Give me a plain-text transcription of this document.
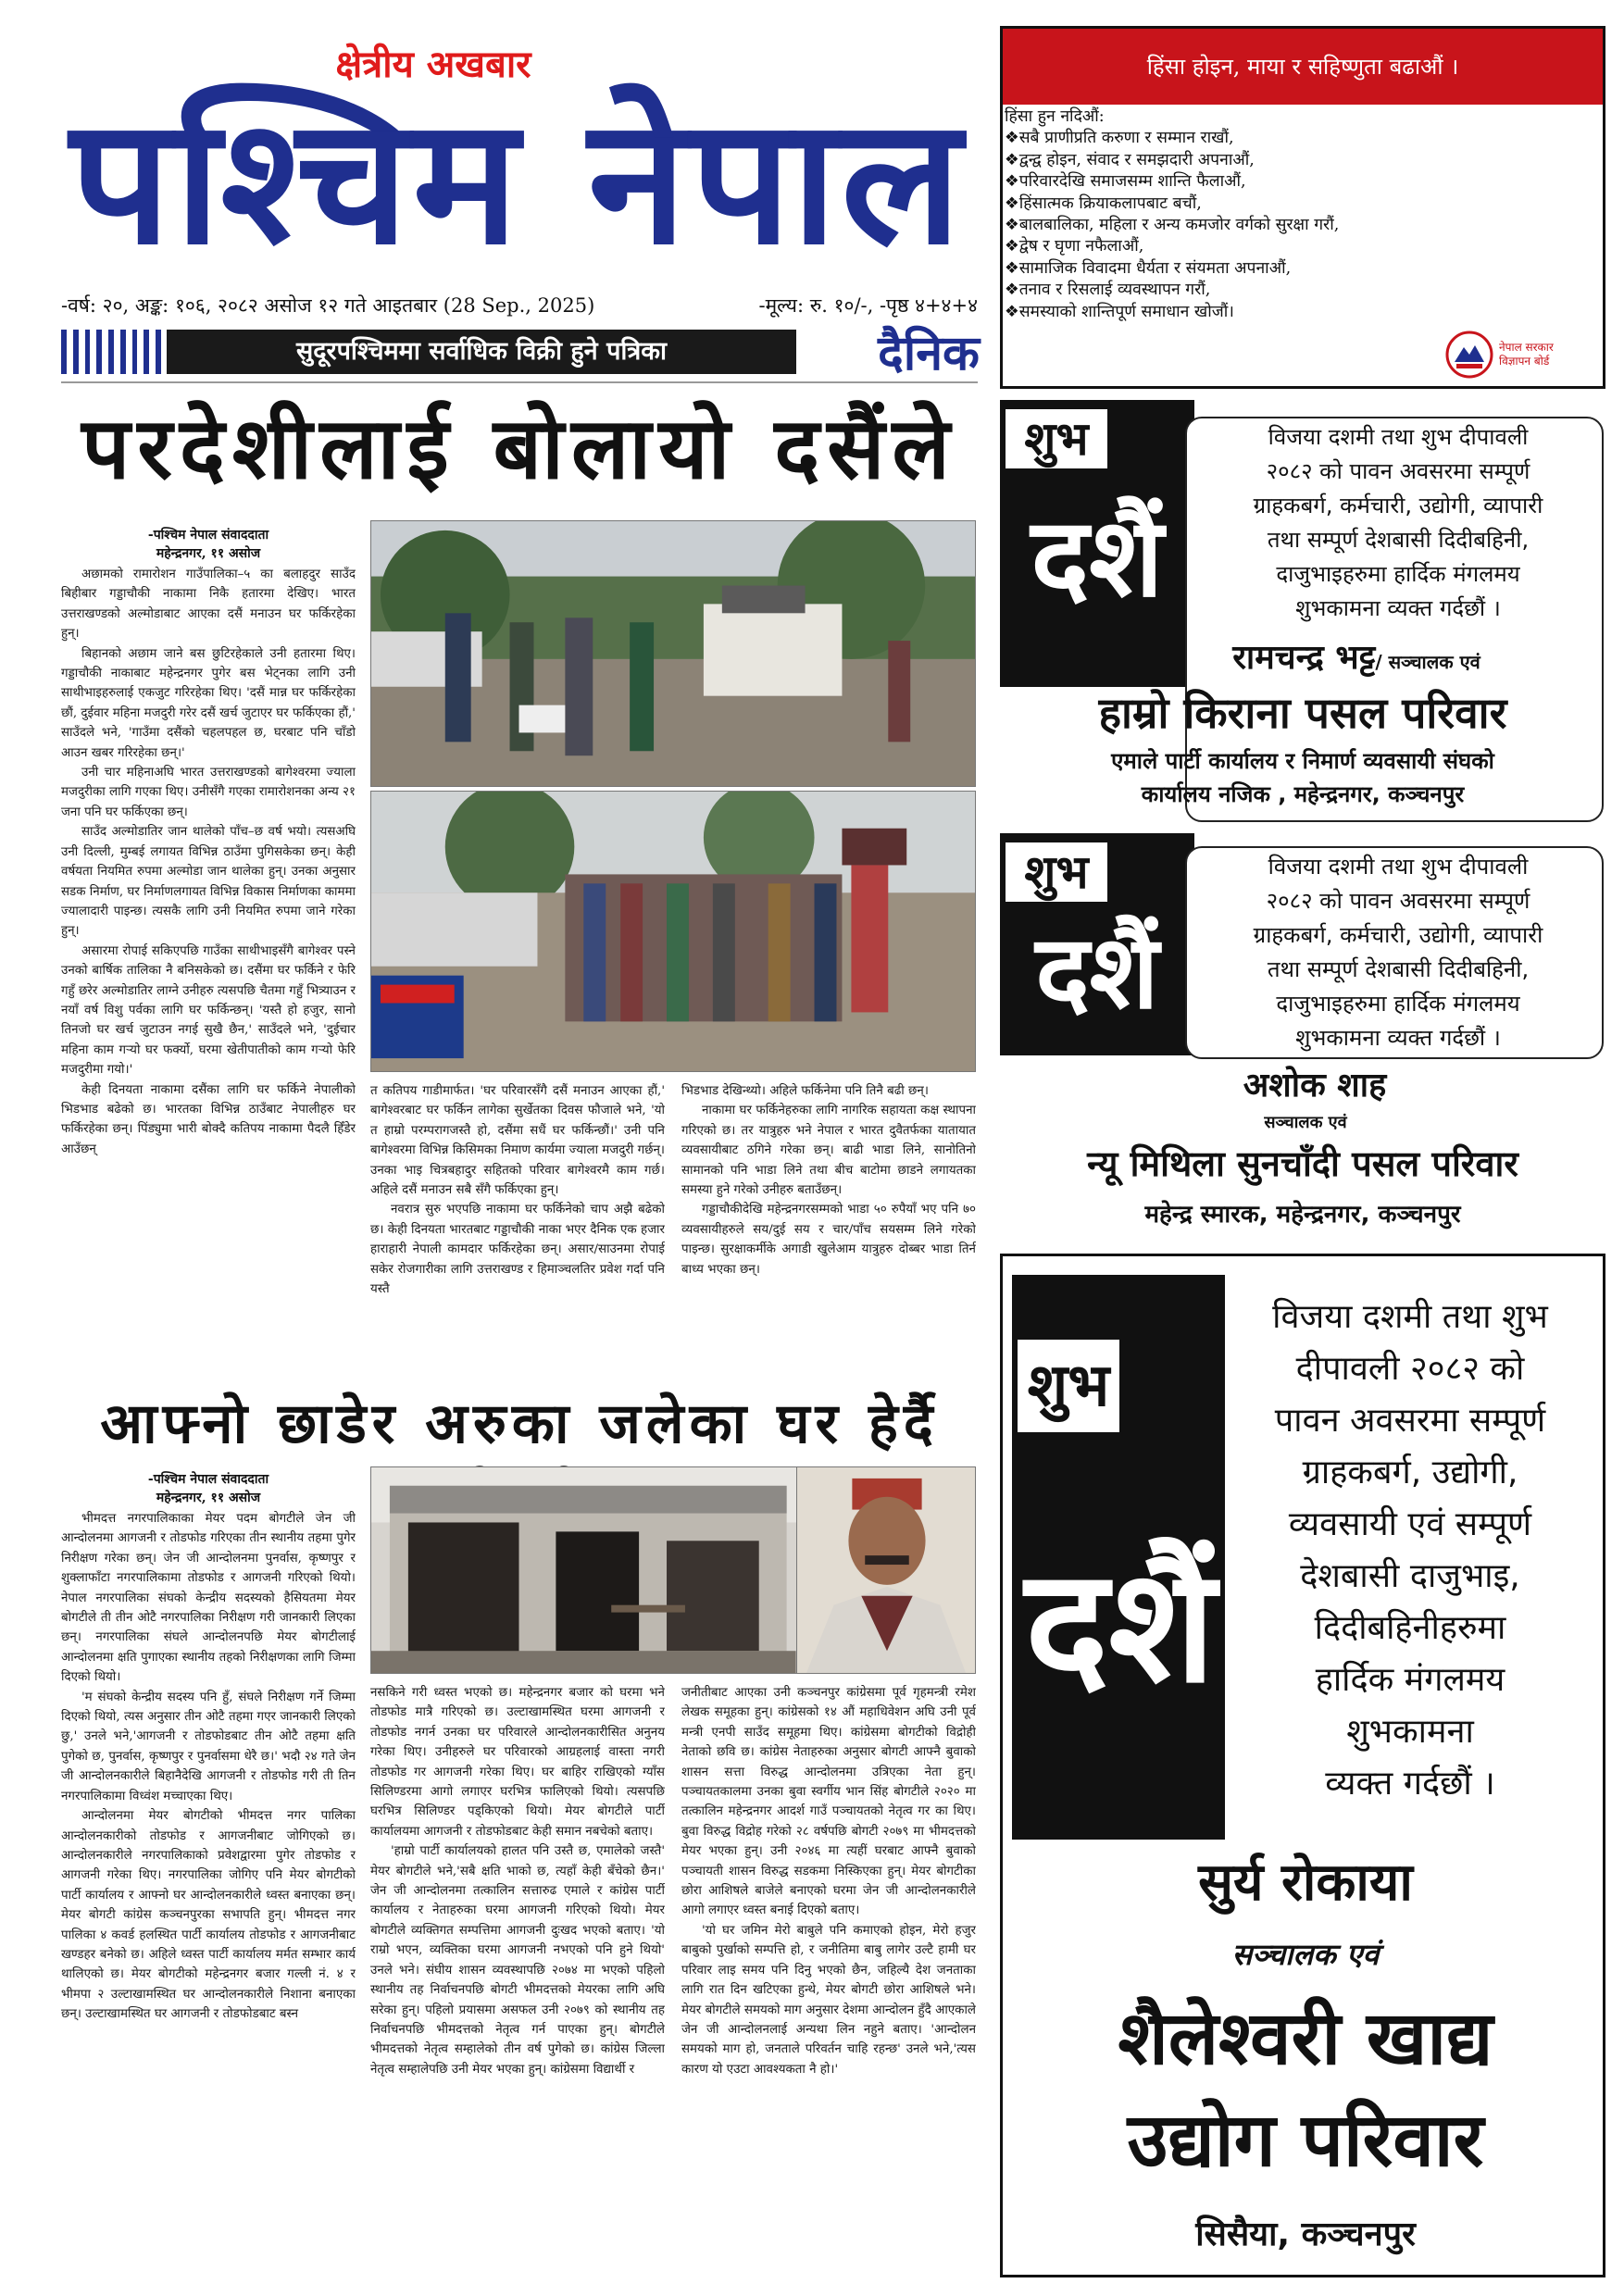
क्षेत्रीय अखबार
पश्चिम नेपाल
-वर्ष: २०, अङ्क: १०६, २०८२ असोज १२ गते आइतबार (28 Sep., 2025)	-मूल्य: रु. १०/-, -पृष्ठ ४+४+४
सुदूरपश्चिममा सर्वाधिक विक्री हुने पत्रिका	दैनिक
परदेशीलाई बोलायो दसैंले
-पश्चिम नेपाल संवाददाता
महेन्द्रनगर, ११ असोज

अछामको रामारोशन गाउँपालिका–५ का बलाहदुर साउँद बिहीबार गड्डाचौकी नाकामा निकै हतारमा देखिए। भारत उत्तराखण्डको अल्मोडाबाट आएका दसैं मनाउन घर फर्किरहेका हुन्।

बिहानको अछाम जाने बस छुटिरहेकाले उनी हतारमा थिए। गड्डाचौकी नाकाबाट महेन्द्रनगर पुगेर बस भेट्नका लागि उनी साथीभाइहरुलाई एकजुट गरिरहेका थिए। 'दसैं मान्न घर फर्किरहेका छौं, दुईवार महिना मजदुरी गरेर दसैं खर्च जुटाएर घर फर्किएका हौं,' साउँदले भने, 'गाउँमा दसैंको चहलपहल छ, घरबाट पनि चाँडो आउन खबर गरिरहेका छन्।'

उनी चार महिनाअघि भारत उत्तराखण्डको बागेश्वरमा ज्याला मजदुरीका लागि गएका थिए। उनीसँगै गएका रामारोशनका अन्य २१ जना पनि घर फर्किएका छन्।

साउँद अल्मोडातिर जान थालेको पाँच–छ वर्ष भयो। त्यसअघि उनी दिल्ली, मुम्बई लगायत विभिन्न ठाउँमा पुगिसकेका छन्। केही वर्षयता नियमित रुपमा अल्मोडा जान थालेका हुन्। उनका अनुसार सडक निर्माण, घर निर्माणलगायत विभिन्न विकास निर्माणका काममा ज्यालादारी पाइन्छ। त्यसकै लागि उनी नियमित रुपमा जाने गरेका हुन्।

असारमा रोपाई सकिएपछि गाउँका साथीभाइसँगै बागेश्वर पस्ने उनको बार्षिक तालिका नै बनिसकेको छ। दसैंमा घर फर्किने र फेरि गहुँ छरेर अल्मोडातिर लाग्ने उनीहरु त्यसपछि चैतमा गहुँ भित्र्याउन र नयाँ वर्ष विशु पर्वका लागि घर फर्किन्छन्। 'यस्तै हो हजुर, सानो तिनजो घर खर्च जुटाउन नगई सुखै छैन,' साउँदले भने, 'दुईचार महिना काम गऱ्यो घर फर्क्यो, घरमा खेतीपातीको काम गऱ्यो फेरि मजदुरीमा गयो।'

केही दिनयता नाकामा दसैंका लागि घर फर्किने नेपालीको भिडभाड बढेको छ। भारतका विभिन्न ठाउँबाट नेपालीहरु घर फर्किरहेका छन्। पिंड्युमा भारी बोक्दै कतिपय नाकामा पैदलै हिँडेर आउँछन्

त कतिपय गाडीमार्फत। 'घर परिवारसँगै दसैं मनाउन आएका हौं,' बागेश्वरबाट घर फर्किन लागेका सुर्खेतका दिवस फौजाले भने, 'यो त हाम्रो परम्परागजस्तै हो, दसैंमा सधैं घर फर्किन्छौं।' उनी पनि बागेश्वरमा विभिन्न किसिमका निमाण कार्यमा ज्याला मजदुरी गर्छन्। उनका भाइ चित्रबहादुर सहितको परिवार बागेश्वरमै काम गर्छ। अहिले दसैं मनाउन सबै सँगै फर्किएका हुन्।

नवरात्र सुरु भएपछि नाकामा घर फर्किनेको चाप अझै बढेको छ। केही दिनयता भारतबाट गड्डाचौकी नाका भएर दैनिक एक हजार हाराहारी नेपाली कामदार फर्किरहेका छन्। असार/साउनमा रोपाई सकेर रोजगारीका लागि उत्तराखण्ड र हिमाञ्चलतिर प्रवेश गर्दा पनि यस्तै

भिडभाड देखिन्थ्यो। अहिले फर्किनेमा पनि तिनै बढी छन्।

नाकामा घर फर्किनेहरुका लागि नागरिक सहायता कक्ष स्थापना गरिएको छ। तर यात्रुहरु भने नेपाल र भारत दुवैतर्फका यातायात व्यवसायीबाट ठगिने गरेका छन्। बाढी भाडा लिने, सानोतिनो सामानको पनि भाडा लिने तथा बीच बाटोमा छाडने लगायतका समस्या हुने गरेको उनीहरु बताउँछन्।

गड्डाचौकीदेखि महेन्द्रनगरसम्मको भाडा ५० रुपैयाँ भए पनि ७० व्यवसायीहरुले सय/दुई सय र चार/पाँच सयसम्म लिने गरेको पाइन्छ। सुरक्षाकर्मीके अगाडी खुलेआम यात्रुहरु दोब्बर भाडा तिर्न बाध्य भएका छन्।

आफ्नो छाडेर अरुका जलेका घर हेर्दै
-पश्चिम नेपाल संवाददाता
महेन्द्रनगर, ११ असोज

भीमदत्त नगरपालिकाका मेयर पदम बोगटीले जेन जी आन्दोलनमा आगजनी र तोडफोड गरिएका तीन स्थानीय तहमा पुगेर निरीक्षण गरेका छन्। जेन जी आन्दोलनमा पुनर्वास, कृष्णपुर र शुक्लाफाँटा नगरपालिकामा तोडफोड र आगजनी गरिएको थियो। नेपाल नगरपालिका संघको केन्द्रीय सदस्यको हैसियतमा मेयर बोगटीले ती तीन ओटै नगरपालिका निरीक्षण गरी जानकारी लिएका छन्। नगरपालिका संघले आन्दोलनपछि मेयर बोगटीलाई आन्दोलनमा क्षति पुगाएका स्थानीय तहको निरीक्षणका लागि जिम्मा दिएको थियो।

'म संघको केन्द्रीय सदस्य पनि हुँ, संघले निरीक्षण गर्ने जिम्मा दिएको थियो, त्यस अनुसार तीन ओटै तहमा गएर जानकारी लिएको छु,' उनले भने,'आगजनी र तोडफोडबाट तीन ओटै तहमा क्षति पुगेको छ, पुनर्वास, कृष्णपुर र पुनर्वासमा धेरै छ।' भदौ २४ गते जेन जी आन्दोलनकारीले बिहानैदेखि आगजनी र तोडफोड गरी ती तिन नगरपालिकामा विध्वंश मच्चाएका थिए।

आन्दोलनमा मेयर बोगटीको भीमदत्त नगर पालिका आन्दोलनकारीको तोडफोड र आगजनीबाट जोगिएको छ। आन्दोलनकारीले नगरपालिकाको प्रवेशद्वारमा पुगेर तोडफोड र आगजनी गरेका थिए। नगरपालिका जोगिए पनि मेयर बोगटीको पार्टी कार्यालय र आफ्नो घर आन्दोलनकारीले ध्वस्त बनाएका छन्। मेयर बोगटी कांग्रेस कञ्चनपुरका सभापति हुन्। भीमदत्त नगर पालिका ४ कवर्ड हलस्थित पार्टी कार्यालय तोडफोड र आगजनीबाट खण्डहर बनेको छ। अहिले ध्वस्त पार्टी कार्यालय मर्मत सम्भार कार्य थालिएको छ। मेयर बोगटीको महेन्द्रनगर बजार गल्ली नं. ४ र भीमपा २ उल्टाखामस्थित घर आन्दोलनकारीले निशाना बनाएका छन्। उल्टाखामस्थित घर आगजनी र तोडफोडबाट बस्न

नसकिने गरी ध्वस्त भएको छ। महेन्द्रनगर बजार को घरमा भने तोडफोड मात्रै गरिएको छ। उल्टाखामस्थित घरमा आगजनी र तोडफोड नगर्न उनका घर परिवारले आन्दोलनकारीसित अनुनय गरेका थिए। उनीहरुले घर परिवारको आग्रहलाई वास्ता नगरी तोडफोड गर आगजनी गरेका थिए। घर बाहिर राखिएको ग्याँस सिलिण्डरमा आगो लगाएर घरभित्र फालिएको थियो। त्यसपछि घरभित्र सिलिण्डर पड्किएको थियो। मेयर बोगटीले पार्टी कार्यालयमा आगजनी र तोडफोडबाट केही समान नबचेको बताए।

'हाम्रो पार्टी कार्यालयको हालत पनि उस्तै छ, एमालेको जस्तै' मेयर बोगटीले भने,'सबै क्षति भाको छ, त्यहाँ केही बँचेको छैन।' जेन जी आन्दोलनमा तत्कालिन सत्तारुढ एमाले र कांग्रेस पार्टी कार्यालय र नेताहरुका घरमा आगजनी गरिएको थियो। मेयर बोगटीले व्यक्तिगत सम्पत्तिमा आगजनी दुःखद भएको बताए। 'यो राम्रो भएन, व्यक्तिका घरमा आगजनी नभएको पनि हुने थियो' उनले भने। संघीय शासन व्यवस्थापछि २०७४ मा भएको पहिलो स्थानीय तह निर्वाचनपछि बोगटी भीमदत्तको मेयरका लागि अघि सरेका हुन्। पहिलो प्रयासमा असफल उनी २०७९ को स्थानीय तह निर्वाचनपछि भीमदत्तको नेतृत्व गर्न पाएका हुन्। बोगटीले भीमदत्तको नेतृत्व सम्हालेको तीन वर्ष पुगेको छ। कांग्रेस जिल्ला नेतृत्व सम्हालेपछि उनी मेयर भएका हुन्। कांग्रेसमा विद्यार्थी र

जनीतीबाट आएका उनी कञ्चनपुर कांग्रेसमा पूर्व गृहमन्त्री रमेश लेखक समूहका हुन्। कांग्रेसको १४ औं महाधिवेशन अघि उनी पूर्व मन्त्री एनपी साउँद समूहमा थिए। कांग्रेसमा बोगटीको विद्रोही नेताको छवि छ। कांग्रेस नेताहरुका अनुसार बोगटी आफ्नै बुवाको शासन सत्ता विरुद्ध आन्दोलनमा उत्रिएका नेता हुन्। पञ्चायतकालमा उनका बुवा स्वर्गीय भान सिंह बोगटीले २०२० मा तत्कालिन महेन्द्रनगर आदर्श गाउँ पञ्चायतको नेतृत्व गर का थिए। बुवा विरुद्ध विद्रोह गरेको २८ वर्षपछि बोगटी २०७९ मा भीमदत्तको मेयर भएका हुन्। उनी २०४६ मा त्यहीं घरबाट आफ्नै बुवाको पञ्चायती शासन विरुद्ध सडकमा निस्किएका हुन्। मेयर बोगटीका छोरा आशिषले बाजेले बनाएको घरमा जेन जी आन्दोलनकारीले आगो लगाएर ध्वस्त बनाई दिएको बताए।

'यो घर जमिन मेरो बाबुले पनि कमाएको होइन, मेरो हजुर बाबुको पुर्खाको सम्पत्ति हो, र जनीतिमा बाबु लागेर उल्टै हामी घर परिवार लाइ समय पनि दिनु भएको छैन, जहिल्यै देश जनताका लागि रात दिन खटिएका हुन्थे, मेयर बोगटी छोरा आशिषले भने। मेयर बोगटीले समयको माग अनुसार देशमा आन्दोलन हुँदै आएकाले जेन जी आन्दोलनलाई अन्यथा लिन नहुने बताए। 'आन्दोलन समयको माग हो, जनताले परिवर्तन चाहि रहन्छ' उनले भने,'त्यस कारण यो एउटा आवश्यकता नै हो।'

हिंसा होइन, माया र सहिष्णुता बढाऔं ।
हिंसा हुन नदिऔं:
❖सबै प्राणीप्रति करुणा र सम्मान राखौं,
❖द्वन्द्व होइन, संवाद र समझदारी अपनाऔं,
❖परिवारदेखि समाजसम्म शान्ति फैलाऔं,
❖हिंसात्मक क्रियाकलापबाट बचौं,
❖बालबालिका, महिला र अन्य कमजोर वर्गको सुरक्षा गरौं,
❖द्वेष र घृणा नफैलाऔं,
❖सामाजिक विवादमा धैर्यता र संयमता अपनाऔं,
❖तनाव र रिसलाई व्यवस्थापन गरौं,
❖समस्याको शान्तिपूर्ण समाधान खोजौं।
नेपाल सरकार
विज्ञापन बोर्ड
शुभ
दशैं
विजया दशमी तथा शुभ दीपावली
२०८२ को पावन अवसरमा सम्पूर्ण
ग्राहकबर्ग, कर्मचारी, उद्योगी, व्यापारी
तथा सम्पूर्ण देशबासी दिदीबहिनी,
दाजुभाइहरुमा हार्दिक मंगलमय
शुभकामना व्यक्त गर्दछौं ।
रामचन्द्र भट्ट/ सञ्चालक एवं
हाम्रो किराना पसल परिवार
एमाले पार्टी कार्यालय र निमार्ण व्यवसायी संघको
कार्यालय नजिक , महेन्द्रनगर, कञ्चनपुर
शुभ
दशैं
विजया दशमी तथा शुभ दीपावली
२०८२ को पावन अवसरमा सम्पूर्ण
ग्राहकबर्ग, कर्मचारी, उद्योगी, व्यापारी
तथा सम्पूर्ण देशबासी दिदीबहिनी,
दाजुभाइहरुमा हार्दिक मंगलमय
शुभकामना व्यक्त गर्दछौं ।
अशोक शाह
सञ्चालक एवं
न्यू मिथिला सुनचाँदी पसल परिवार
महेन्द्र स्मारक, महेन्द्रनगर, कञ्चनपुर
शुभ
दशैं
विजया दशमी तथा शुभ
दीपावली २०८२ को
पावन अवसरमा सम्पूर्ण
ग्राहकबर्ग, उद्योगी,
व्यवसायी एवं सम्पूर्ण
देशबासी दाजुभाइ,
दिदीबहिनीहरुमा
हार्दिक मंगलमय
शुभकामना
व्यक्त गर्दछौं ।
सुर्य रोकाया
सञ्चालक एवं
शैलेश्वरी खाद्य
उद्योग परिवार
सिसैया, कञ्चनपुर
